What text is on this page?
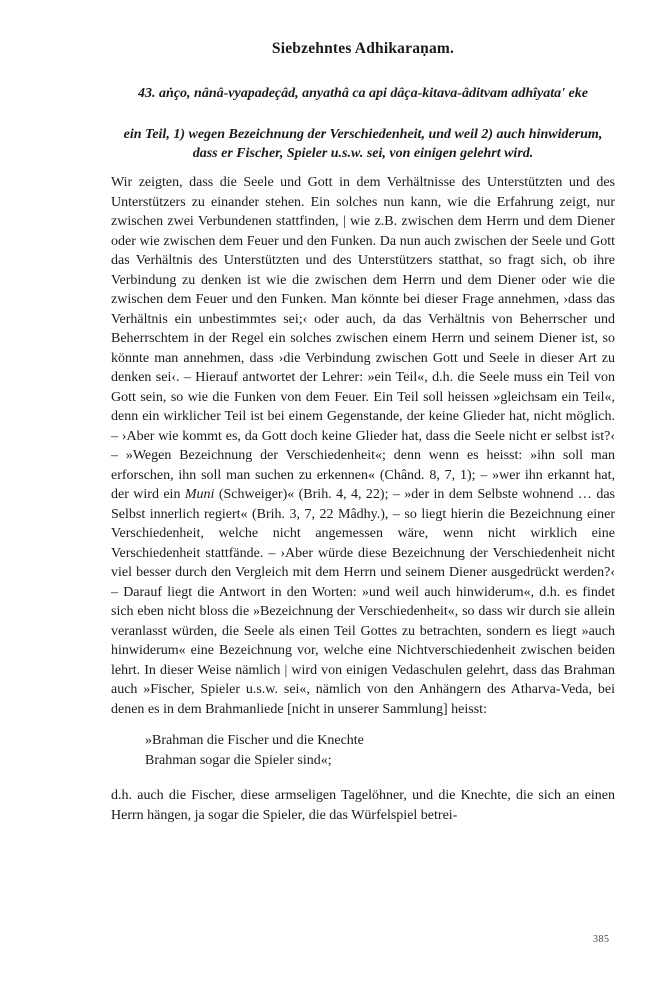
Siebzehntes Adhikaraṇam.
43. aṅço, nânâ-vyapadeçâd, anyathâ ca api dâça-kitava-âditvam adhîyata' eke
ein Teil, 1) wegen Bezeichnung der Verschiedenheit, und weil 2) auch hinwiderum, dass er Fischer, Spieler u.s.w. sei, von einigen gelehrt wird.

Wir zeigten, dass die Seele und Gott in dem Verhältnisse des Unterstützten und des Unterstützers zu einander stehen. Ein solches nun kann, wie die Erfahrung zeigt, nur zwischen zwei Verbundenen stattfinden, | wie z.B. zwischen dem Herrn und dem Diener oder wie zwischen dem Feuer und den Funken. Da nun auch zwischen der Seele und Gott das Verhältnis des Unterstützten und des Unterstützers statthat, so fragt sich, ob ihre Verbindung zu denken ist wie die zwischen dem Herrn und dem Diener oder wie die zwischen dem Feuer und den Funken. Man könnte bei dieser Frage annehmen, ›dass das Verhältnis ein unbestimmtes sei;‹ oder auch, da das Verhältnis von Beherrscher und Beherrschtem in der Regel ein solches zwischen einem Herrn und seinem Diener ist, so könnte man annehmen, dass ›die Verbindung zwischen Gott und Seele in dieser Art zu denken sei‹. – Hierauf antwortet der Lehrer: »ein Teil«, d.h. die Seele muss ein Teil von Gott sein, so wie die Funken von dem Feuer. Ein Teil soll heissen »gleichsam ein Teil«, denn ein wirklicher Teil ist bei einem Gegenstande, der keine Glieder hat, nicht möglich. – ›Aber wie kommt es, da Gott doch keine Glieder hat, dass die Seele nicht er selbst ist?‹ – »Wegen Bezeichnung der Verschiedenheit«; denn wenn es heisst: »ihn soll man erforschen, ihn soll man suchen zu erkennen« (Chând. 8, 7, 1); – »wer ihn erkannt hat, der wird ein Muni (Schweiger)« (Brih. 4, 4, 22); – »der in dem Selbste wohnend … das Selbst innerlich regiert« (Brih. 3, 7, 22 Mâdhy.), – so liegt hierin die Bezeichnung einer Verschiedenheit, welche nicht angemessen wäre, wenn nicht wirklich eine Verschiedenheit stattfände. – ›Aber würde diese Bezeichnung der Verschiedenheit nicht viel besser durch den Vergleich mit dem Herrn und seinem Diener ausgedrückt werden?‹ – Darauf liegt die Antwort in den Worten: »und weil auch hinwiderum«, d.h. es findet sich eben nicht bloss die »Bezeichnung der Verschiedenheit«, so dass wir durch sie allein veranlasst würden, die Seele als einen Teil Gottes zu betrachten, sondern es liegt »auch hinwiderum« eine Bezeichnung vor, welche eine Nichtverschiedenheit zwischen beiden lehrt. In dieser Weise nämlich | wird von einigen Vedaschulen gelehrt, dass das Brahman auch »Fischer, Spieler u.s.w. sei«, nämlich von den Anhängern des Atharva-Veda, bei denen es in dem Brahmanliede [nicht in unserer Sammlung] heisst:

»Brahman die Fischer und die Knechte
Brahman sogar die Spieler sind«;

d.h. auch die Fischer, diese armseligen Tagelöhner, und die Knechte, die sich an einen Herrn hängen, ja sogar die Spieler, die das Würfelspiel betrei-

385
